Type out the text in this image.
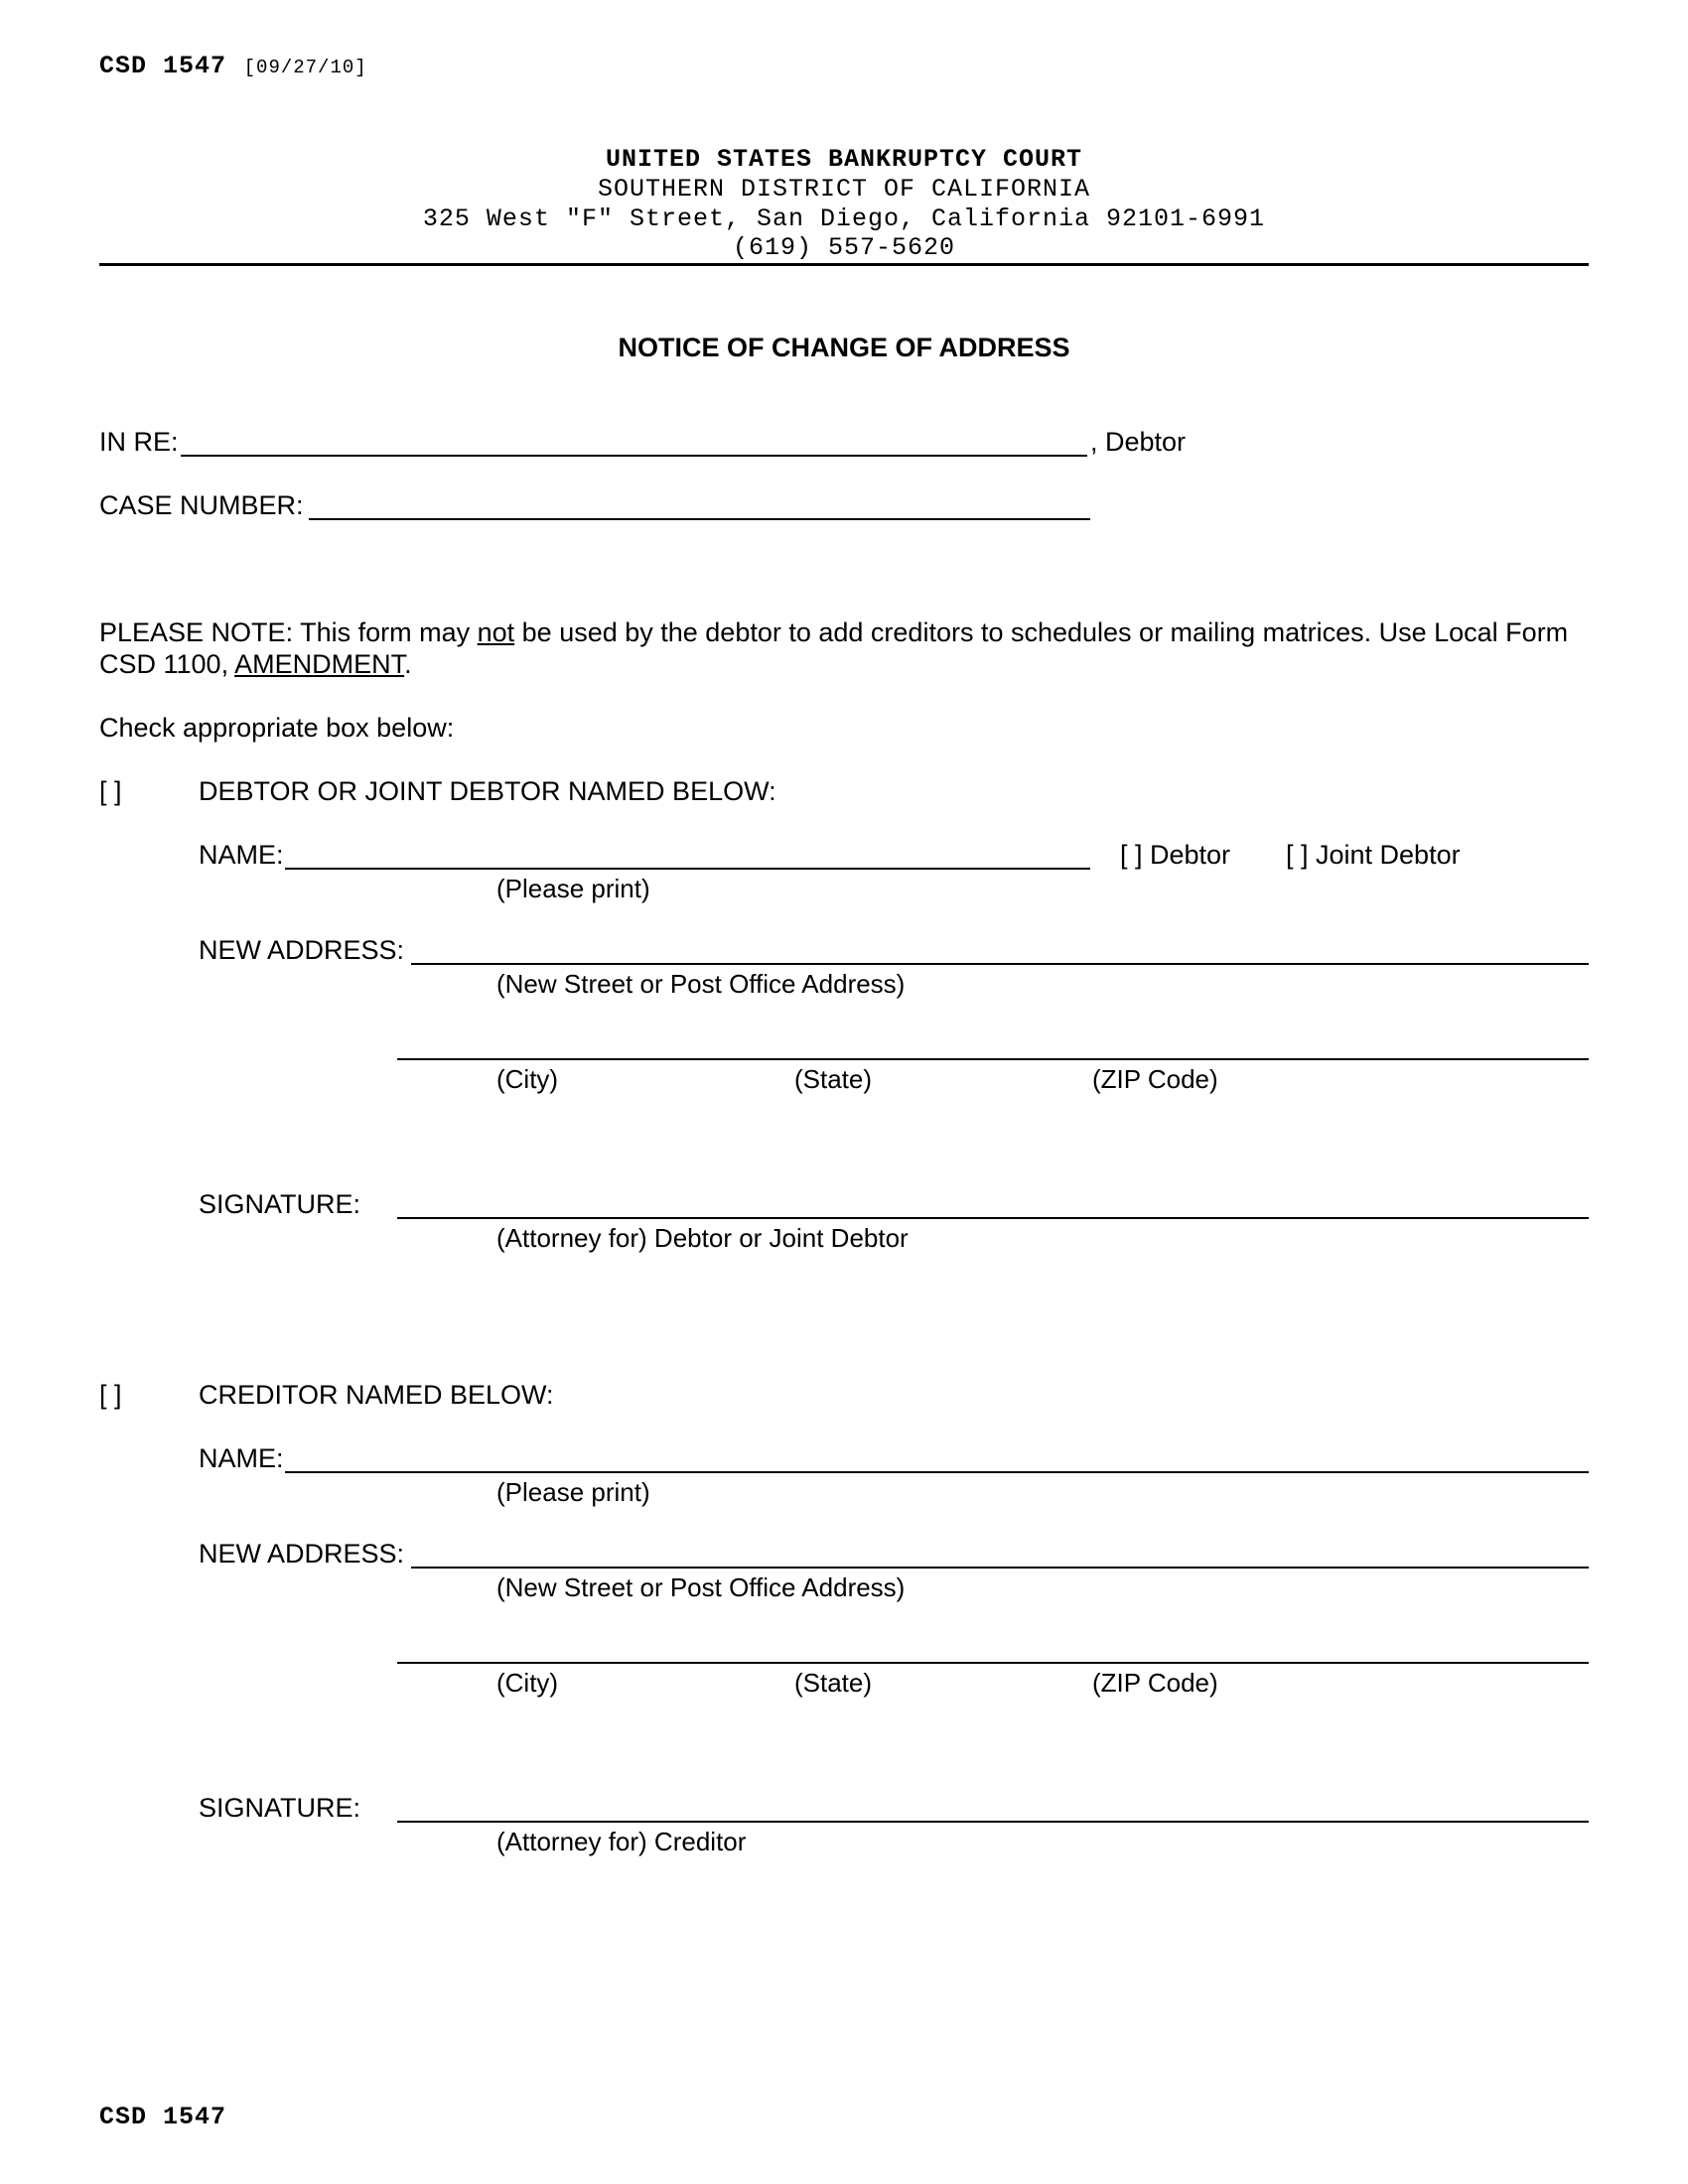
CSD 1547 [09/27/10]
UNITED STATES BANKRUPTCY COURT
SOUTHERN DISTRICT OF CALIFORNIA
325 West "F" Street, San Diego, California 92101-6991
(619) 557-5620
NOTICE OF CHANGE OF ADDRESS
IN RE:	, Debtor
CASE NUMBER:
PLEASE NOTE: This form may not be used by the debtor to add creditors to schedules or mailing matrices. Use Local Form
CSD 1100, AMENDMENT.
Check appropriate box below:
[ ]	DEBTOR OR JOINT DEBTOR NAMED BELOW:
NAME:
(Please print)
[ ] Debtor [ ] Joint Debtor
NEW ADDRESS:
(New Street or Post Office Address)
(City)	(State)	(ZIP Code)
SIGNATURE:
(Attorney for) Debtor or Joint Debtor
[ ]	CREDITOR NAMED BELOW:
NAME:
(Please print)
NEW ADDRESS:
(New Street or Post Office Address)
(City)	(State)	(ZIP Code)
SIGNATURE:
(Attorney for) Creditor
CSD 1547
